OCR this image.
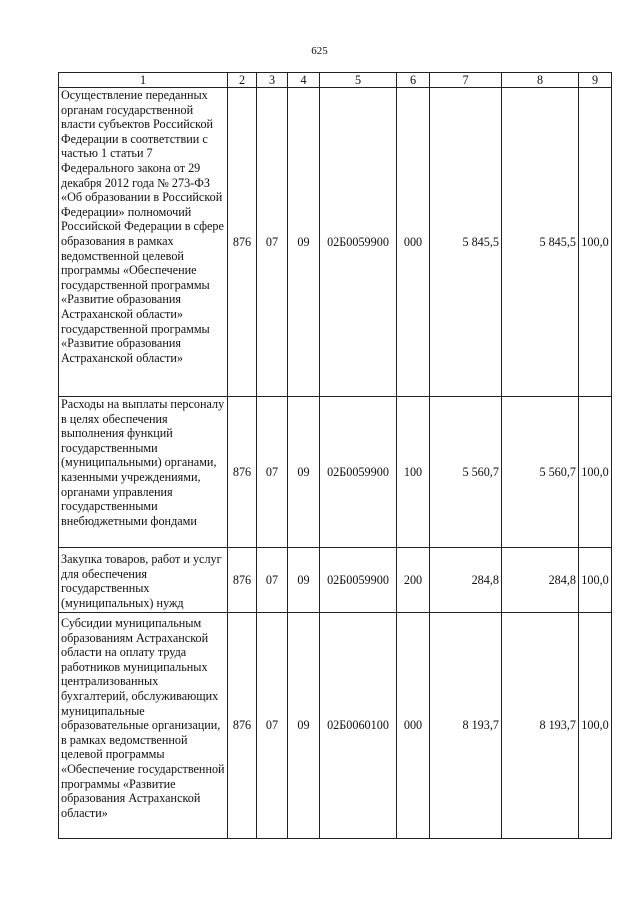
625
1	2	3	4	5	6	7	8	9
Осуществление переданных органам государственной власти субъектов Российской Федерации в соответствии с частью 1 статьи 7 Федерального закона от 29 декабря 2012 года № 273-ФЗ «Об образовании в Российской Федерации» полномочий Российской Федерации в сфере образования в рамках ведомственной целевой программы «Обеспечение государственной программы «Развитие образования Астраханской области» государственной программы «Развитие образования Астраханской области»	876	07	09	02Б0059900	000	5 845,5	5 845,5	100,0
Расходы на выплаты персоналу в целях обеспечения выполнения функций государственными (муниципальными) органами, казенными учреждениями, органами управления государственными внебюджетными фондами	876	07	09	02Б0059900	100	5 560,7	5 560,7	100,0
Закупка товаров, работ и услуг для обеспечения государственных (муниципальных) нужд	876	07	09	02Б0059900	200	284,8	284,8	100,0
Субсидии муниципальным образованиям Астраханской области на оплату труда работников муниципальных централизованных бухгалтерий, обслуживающих муниципальные образовательные организации, в рамках ведомственной целевой программы «Обеспечение государственной программы «Развитие образования Астраханской области»	876	07	09	02Б0060100	000	8 193,7	8 193,7	100,0
